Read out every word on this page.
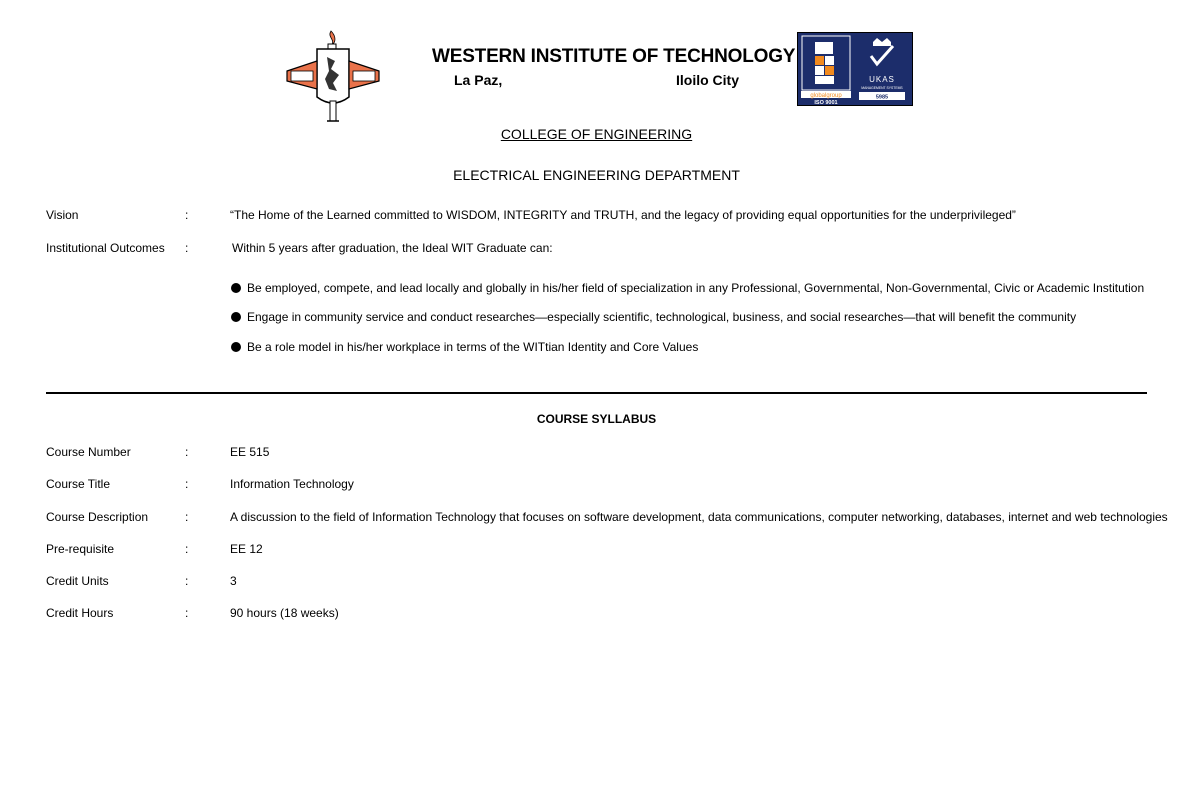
WESTERN INSTITUTE OF TECHNOLOGY
La Paz,	Iloilo City
globalgroup
ISO 9001
UKAS
MANAGEMENT SYSTEMS
5985
COLLEGE OF ENGINEERING
ELECTRICAL ENGINEERING DEPARTMENT
Vision	:	“The Home of the Learned committed to WISDOM, INTEGRITY and TRUTH, and the legacy of providing equal opportunities for the underprivileged”
Institutional Outcomes :	Within 5 years after graduation, the Ideal WIT Graduate can:
Be employed, compete, and lead locally and globally in his/her field of specialization in any Professional, Governmental, Non-Governmental, Civic or Academic Institution
Engage in community service and conduct researches—especially scientific, technological, business, and social researches—that will benefit the community
Be a role model in his/her workplace in terms of the WITtian Identity and Core Values
COURSE SYLLABUS
Course Number	:	EE 515
Course Title	:	Information Technology
Course Description	:	A discussion to the field of Information Technology that focuses on software development, data communications, computer networking, databases, internet and web technologies
Pre-requisite	:	EE 12
Credit Units	:	3
Credit Hours	:	90 hours (18 weeks)
